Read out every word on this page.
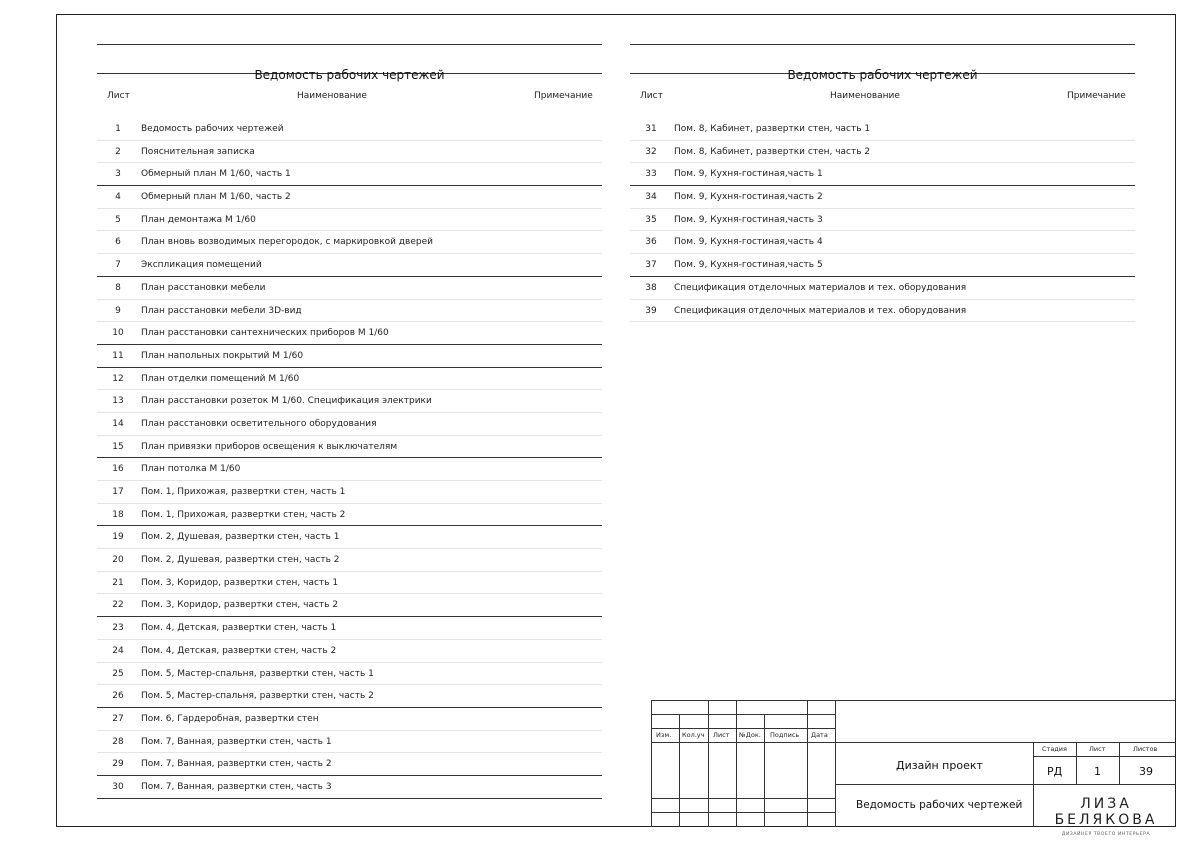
Ведомость рабочих чертежей
Лист	Наименование	Примечание
1	Ведомость рабочих чертежей
2	Пояснительная записка
3	Обмерный план М 1/60, часть 1
4	Обмерный план М 1/60, часть 2
5	План демонтажа М 1/60
6	План вновь возводимых перегородок, с маркировкой дверей
7	Экспликация помещений
8	План расстановки мебели
9	План расстановки мебели 3D-вид
10	План расстановки сантехнических приборов М 1/60
11	План напольных покрытий М 1/60
12	План отделки помещений М 1/60
13	План расстановки розеток М 1/60. Спецификация электрики
14	План расстановки осветительного оборудования
15	План привязки приборов освещения к выключателям
16	План потолка М 1/60
17	Пом. 1, Прихожая, развертки стен, часть 1
18	Пом. 1, Прихожая, развертки стен, часть 2
19	Пом. 2, Душевая, развертки стен, часть 1
20	Пом. 2, Душевая, развертки стен, часть 2
21	Пом. 3, Коридор, развертки стен, часть 1
22	Пом. 3, Коридор, развертки стен, часть 2
23	Пом. 4, Детская, развертки стен, часть 1
24	Пом. 4, Детская, развертки стен, часть 2
25	Пом. 5, Мастер-спальня, развертки стен, часть 1
26	Пом. 5, Мастер-спальня, развертки стен, часть 2
27	Пом. 6, Гардеробная, развертки стен
28	Пом. 7, Ванная, развертки стен, часть 1
29	Пом. 7, Ванная, развертки стен, часть 2
30	Пом. 7, Ванная, развертки стен, часть 3
Ведомость рабочих чертежей
Лист	Наименование	Примечание
31	Пом. 8, Кабинет, развертки стен, часть 1
32	Пом. 8, Кабинет, развертки стен, часть 2
33	Пом. 9, Кухня-гостиная,часть 1
34	Пом. 9, Кухня-гостиная,часть 2
35	Пом. 9, Кухня-гостиная,часть 3
36	Пом. 9, Кухня-гостиная,часть 4
37	Пом. 9, Кухня-гостиная,часть 5
38	Спецификация отделочных материалов и тех. оборудования
39	Спецификация отделочных материалов и тех. оборудования
Изм. Кол.уч Лист №Док. Подпись Дата
Дизайн проект
Ведомость рабочих чертежей
Стадия	Лист	Листов
РД	1	39
ЛИЗА БЕЛЯКОВА
ДИЗАЙНЕР ТВОЕГО ИНТЕРЬЕРА
